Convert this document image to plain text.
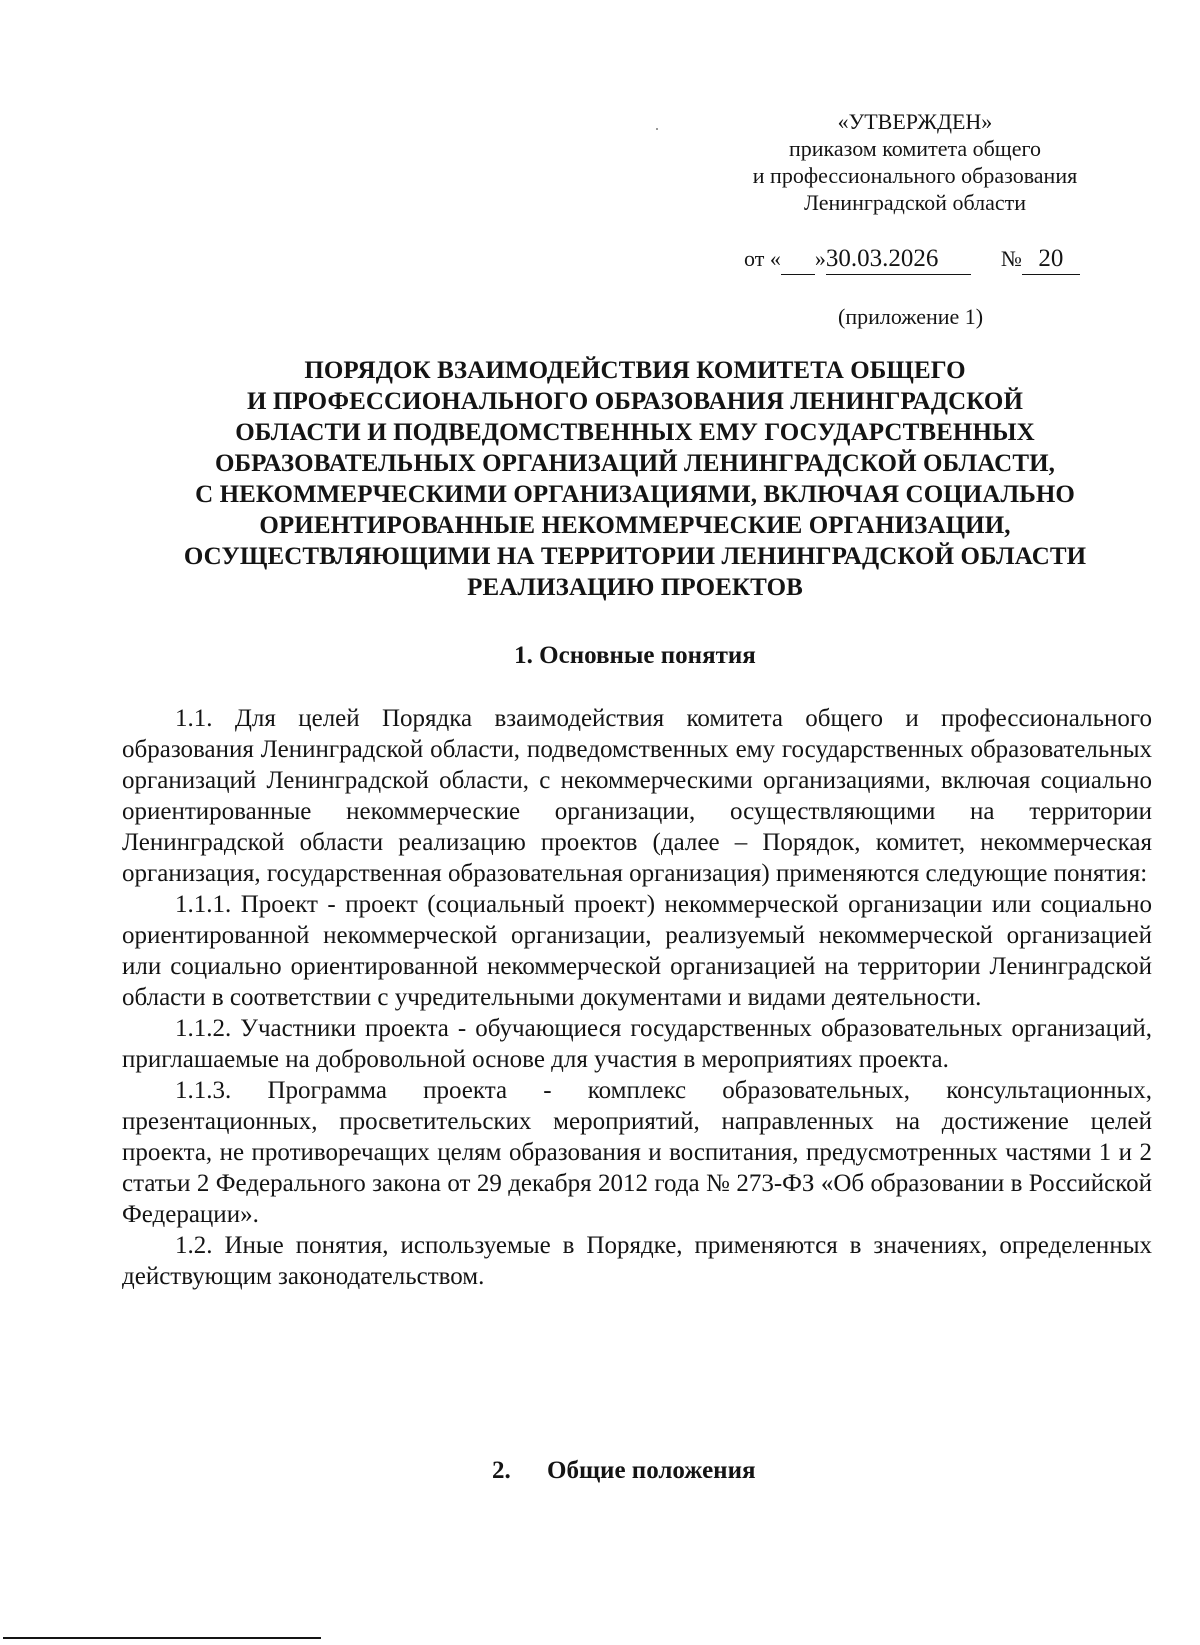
«УТВЕРЖДЕН»
приказом комитета общего
и профессионального образования
Ленинградской области
от « »30.03.2026	№ 20
(приложение 1)
ПОРЯДОК ВЗАИМОДЕЙСТВИЯ КОМИТЕТА ОБЩЕГО
И ПРОФЕССИОНАЛЬНОГО ОБРАЗОВАНИЯ ЛЕНИНГРАДСКОЙ
ОБЛАСТИ И ПОДВЕДОМСТВЕННЫХ ЕМУ ГОСУДАРСТВЕННЫХ
ОБРАЗОВАТЕЛЬНЫХ ОРГАНИЗАЦИЙ ЛЕНИНГРАДСКОЙ ОБЛАСТИ,
С НЕКОММЕРЧЕСКИМИ ОРГАНИЗАЦИЯМИ, ВКЛЮЧАЯ СОЦИАЛЬНО
ОРИЕНТИРОВАННЫЕ НЕКОММЕРЧЕСКИЕ ОРГАНИЗАЦИИ,
ОСУЩЕСТВЛЯЮЩИМИ НА ТЕРРИТОРИИ ЛЕНИНГРАДСКОЙ ОБЛАСТИ
РЕАЛИЗАЦИЮ ПРОЕКТОВ
1. Основные понятия

1.1. Для целей Порядка взаимодействия комитета общего и профессионального образования Ленинградской области, подведомственных ему государственных образовательных организаций Ленинградской области, с некоммерческими организациями, включая социально ориентированные некоммерческие организации, осуществляющими на территории Ленинградской области реализацию проектов (далее – Порядок, комитет, некоммерческая организация, государственная образовательная организация) применяются следующие понятия:

1.1.1. Проект - проект (социальный проект) некоммерческой организации или социально ориентированной некоммерческой организации, реализуемый некоммерческой организацией или социально ориентированной некоммерческой организацией на территории Ленинградской области в соответствии с учредительными документами и видами деятельности.

1.1.2. Участники проекта - обучающиеся государственных образовательных организаций, приглашаемые на добровольной основе для участия в мероприятиях проекта.

1.1.3. Программа проекта - комплекс образовательных, консультационных, презентационных, просветительских мероприятий, направленных на достижение целей проекта, не противоречащих целям образования и воспитания, предусмотренных частями 1 и 2 статьи 2 Федерального закона от 29 декабря 2012 года № 273-ФЗ «Об образовании в Российской Федерации».

1.2. Иные понятия, используемые в Порядке, применяются в значениях, определенных действующим законодательством.

2. Общие положения
